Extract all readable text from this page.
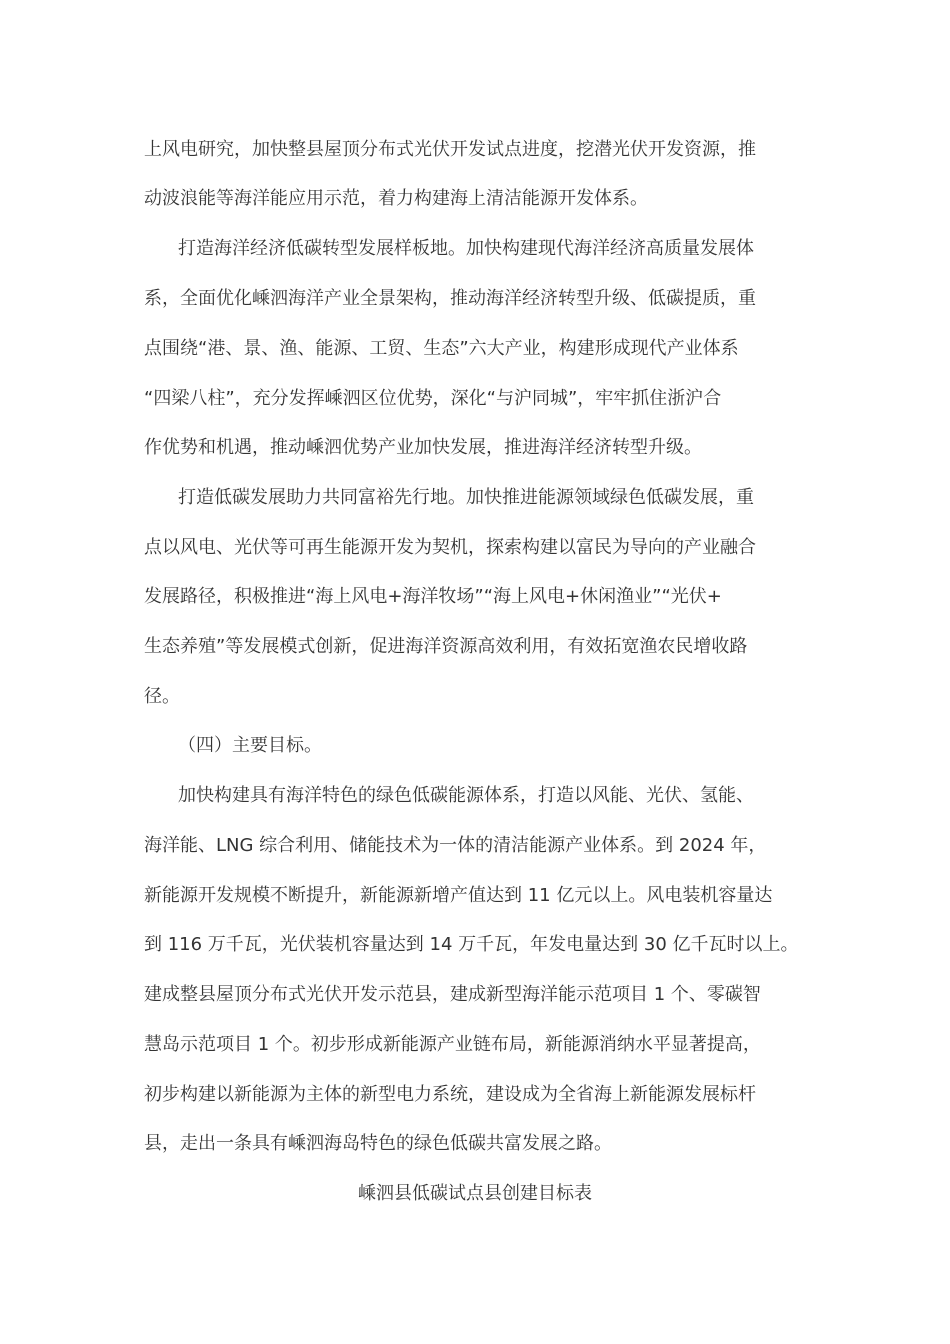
上风电研究，加快整县屋顶分布式光伏开发试点进度，挖潜光伏开发资源，推
动波浪能等海洋能应用示范，着力构建海上清洁能源开发体系。
打造海洋经济低碳转型发展样板地。加快构建现代海洋经济高质量发展体
系，全面优化嵊泗海洋产业全景架构，推动海洋经济转型升级、低碳提质，重
点围绕“港、景、渔、能源、工贸、生态”六大产业，构建形成现代产业体系
“四梁八柱”，充分发挥嵊泗区位优势，深化“与沪同城”，牢牢抓住浙沪合
作优势和机遇，推动嵊泗优势产业加快发展，推进海洋经济转型升级。
打造低碳发展助力共同富裕先行地。加快推进能源领域绿色低碳发展，重
点以风电、光伏等可再生能源开发为契机，探索构建以富民为导向的产业融合
发展路径，积极推进“海上风电+海洋牧场”“海上风电+休闲渔业”“光伏+
生态养殖”等发展模式创新，促进海洋资源高效利用，有效拓宽渔农民增收路
径。
（四）主要目标。
加快构建具有海洋特色的绿色低碳能源体系，打造以风能、光伏、氢能、
海洋能、LNG 综合利用、储能技术为一体的清洁能源产业体系。到 2024 年，
新能源开发规模不断提升，新能源新增产值达到 11 亿元以上。风电装机容量达
到 116 万千瓦，光伏装机容量达到 14 万千瓦，年发电量达到 30 亿千瓦时以上。
建成整县屋顶分布式光伏开发示范县，建成新型海洋能示范项目 1 个、零碳智
慧岛示范项目 1 个。初步形成新能源产业链布局，新能源消纳水平显著提高，
初步构建以新能源为主体的新型电力系统，建设成为全省海上新能源发展标杆
县，走出一条具有嵊泗海岛特色的绿色低碳共富发展之路。
嵊泗县低碳试点县创建目标表
